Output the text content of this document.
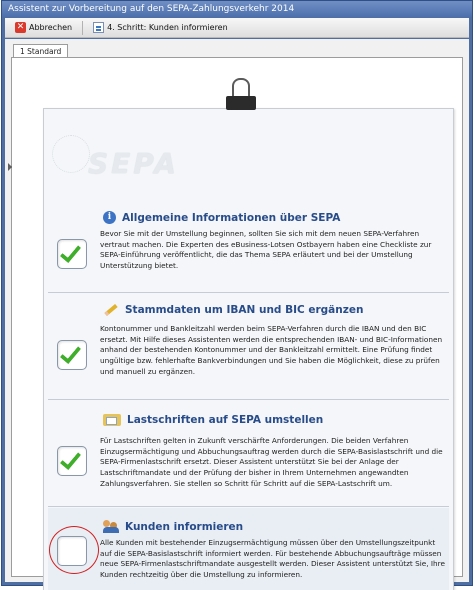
Assistent zur Vorbereitung auf den SEPA-Zahlungsverkehr 2014
✕ Abbrechen	4. Schritt: Kunden informieren
1 Standard
SEPA
i	Allgemeine Informationen über SEPA
Bevor Sie mit der Umstellung beginnen, sollten Sie sich mit dem neuen SEPA-Verfahren vertraut machen. Die Experten des eBusiness-Lotsen Ostbayern haben eine Checkliste zur SEPA-Einführung veröffentlicht, die das Thema SEPA erläutert und bei der Umstellung Unterstützung bietet.
Stammdaten um IBAN und BIC ergänzen
Kontonummer und Bankleitzahl werden beim SEPA-Verfahren durch die IBAN und den BIC ersetzt. Mit Hilfe dieses Assistenten werden die entsprechenden IBAN- und BIC-Informationen anhand der bestehenden Kontonummer und der Bankleitzahl ermittelt. Eine Prüfung findet ungültige bzw. fehlerhafte Bankverbindungen und Sie haben die Möglichkeit, diese zu prüfen und manuell zu ergänzen.
Lastschriften auf SEPA umstellen
Für Lastschriften gelten in Zukunft verschärfte Anforderungen. Die beiden Verfahren Einzugsermächtigung und Abbuchungsauftrag werden durch die SEPA-Basislastschrift und die SEPA-Firmenlastschrift ersetzt. Dieser Assistent unterstützt Sie bei der Anlage der Lastschriftmandate und der Prüfung der bisher in Ihrem Unternehmen angewandten Zahlungsverfahren. Sie stellen so Schritt für Schritt auf die SEPA-Lastschrift um.
Kunden informieren
Alle Kunden mit bestehender Einzugsermächtigung müssen über den Umstellungszeitpunkt auf die SEPA-Basislastschrift informiert werden. Für bestehende Abbuchungsaufträge müssen neue SEPA-Firmenlastschriftmandate ausgestellt werden. Dieser Assistent unterstützt Sie, Ihre Kunden rechtzeitig über die Umstellung zu informieren.
